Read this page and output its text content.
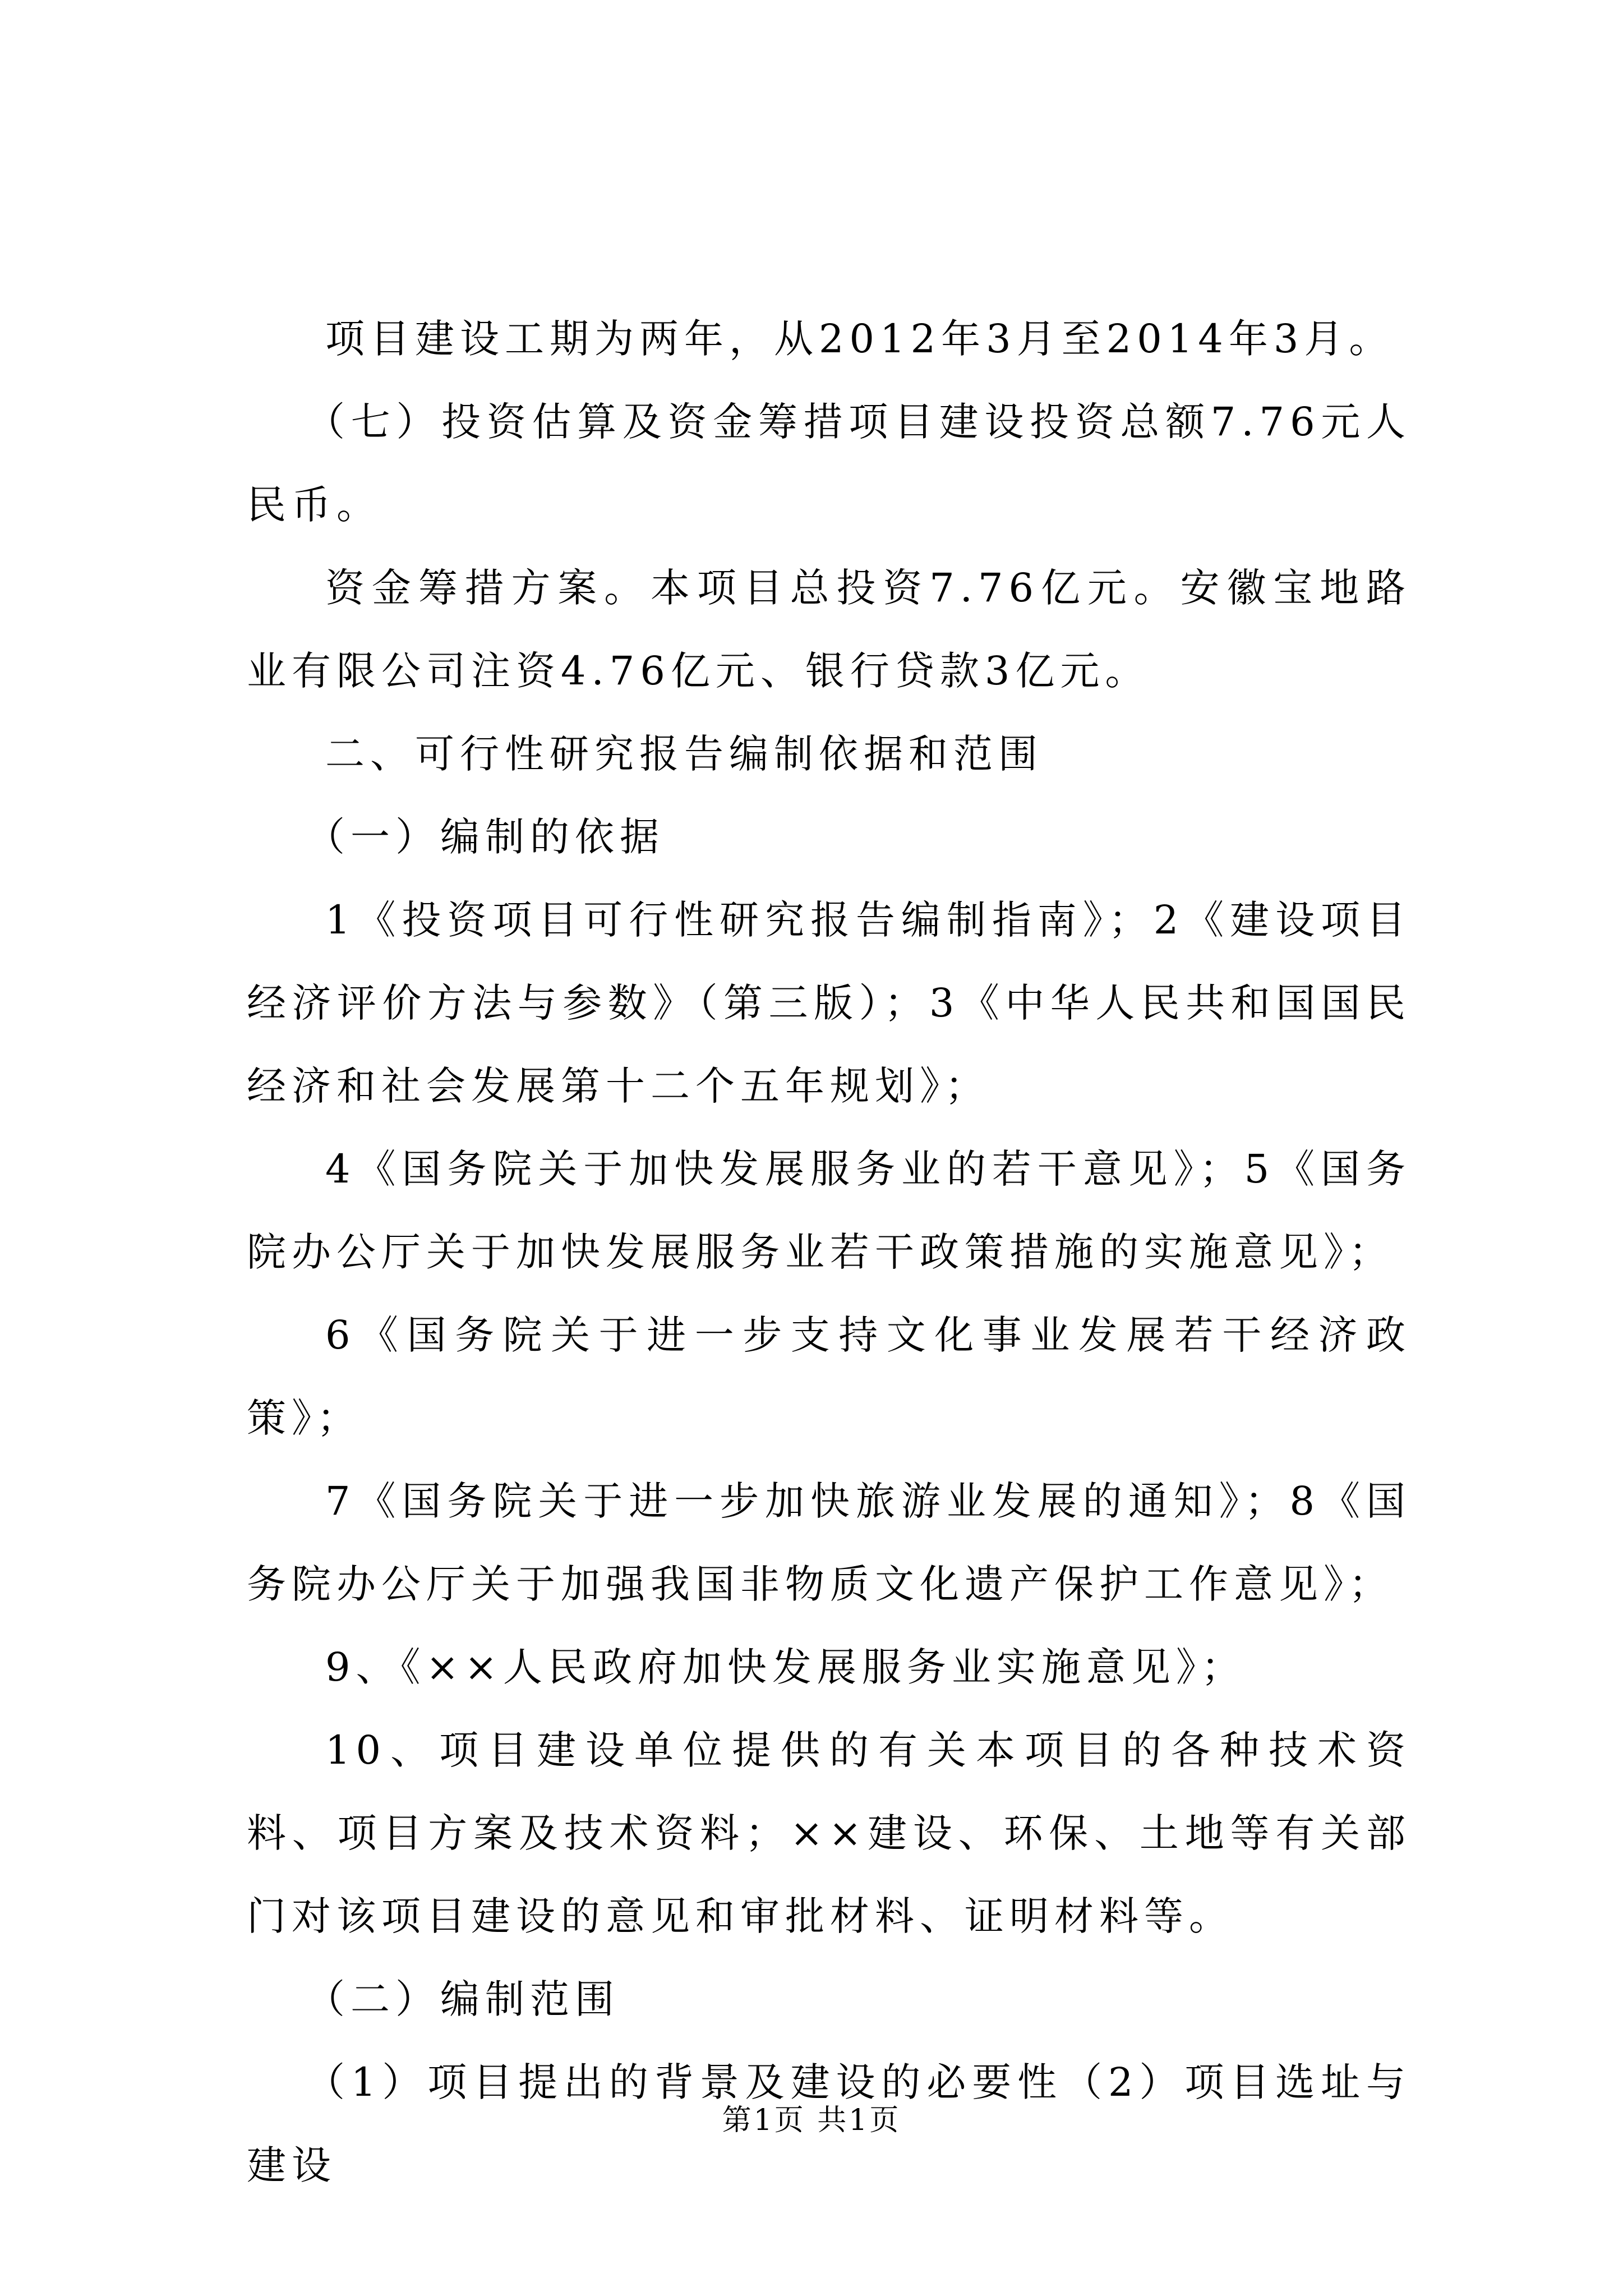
项目建设工期为两年，从2012年3月至2014年3月。

（七）投资估算及资金筹措项目建设投资总额7.76元人民币。

资金筹措方案。本项目总投资7.76亿元。安徽宝地路业有限公司注资4.76亿元、银行贷款3亿元。

二、可行性研究报告编制依据和范围

（一）编制的依据

1《投资项目可行性研究报告编制指南》；2《建设项目经济评价方法与参数》（第三版）；3《中华人民共和国国民经济和社会发展第十二个五年规划》；

4《国务院关于加快发展服务业的若干意见》；5《国务院办公厅关于加快发展服务业若干政策措施的实施意见》；

6《国务院关于进一步支持文化事业发展若干经济政策》；

7《国务院关于进一步加快旅游业发展的通知》；8《国务院办公厅关于加强我国非物质文化遗产保护工作意见》；

9、《××人民政府加快发展服务业实施意见》；

10、项目建设单位提供的有关本项目的各种技术资料、项目方案及技术资料；××建设、环保、土地等有关部门对该项目建设的意见和审批材料、证明材料等。

（二）编制范围

（1）项目提出的背景及建设的必要性（2）项目选址与建设

第1页 共1页
